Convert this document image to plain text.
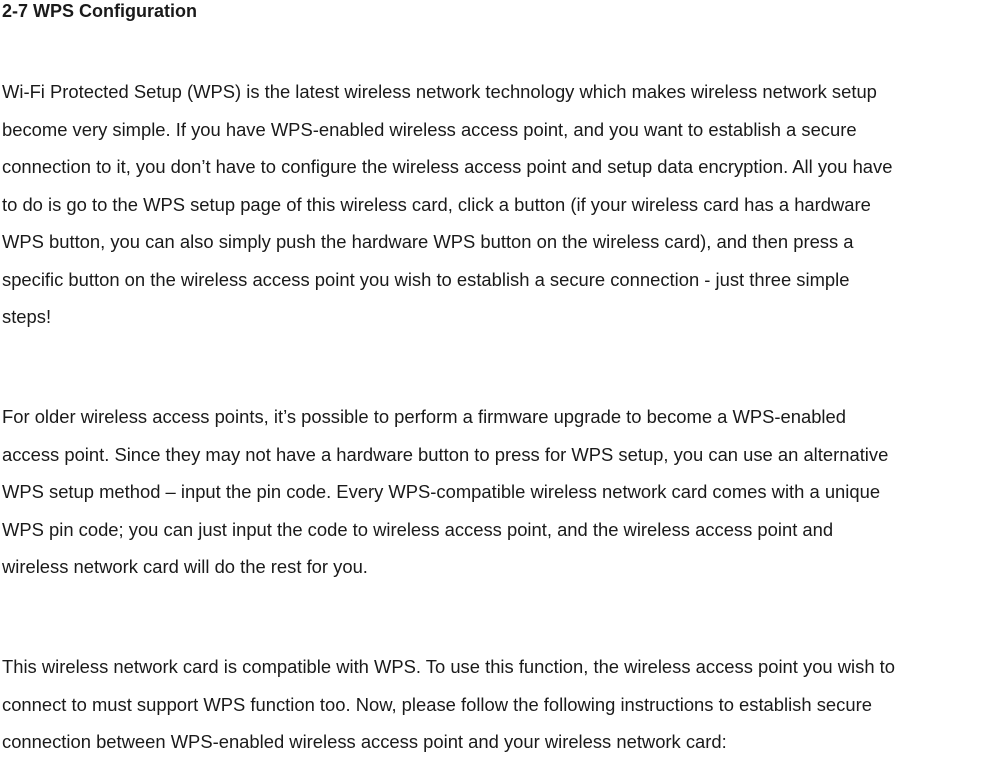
2-7 WPS Configuration

Wi-Fi Protected Setup (WPS) is the latest wireless network technology which makes wireless network setup
become very simple. If you have WPS-enabled wireless access point, and you want to establish a secure
connection to it, you don’t have to configure the wireless access point and setup data encryption. All you have
to do is go to the WPS setup page of this wireless card, click a button (if your wireless card has a hardware
WPS button, you can also simply push the hardware WPS button on the wireless card), and then press a
specific button on the wireless access point you wish to establish a secure connection - just three simple
steps!

For older wireless access points, it’s possible to perform a firmware upgrade to become a WPS-enabled
access point. Since they may not have a hardware button to press for WPS setup, you can use an alternative
WPS setup method – input the pin code. Every WPS-compatible wireless network card comes with a unique
WPS pin code; you can just input the code to wireless access point, and the wireless access point and
wireless network card will do the rest for you.

This wireless network card is compatible with WPS. To use this function, the wireless access point you wish to
connect to must support WPS function too. Now, please follow the following instructions to establish secure
connection between WPS-enabled wireless access point and your wireless network card:
